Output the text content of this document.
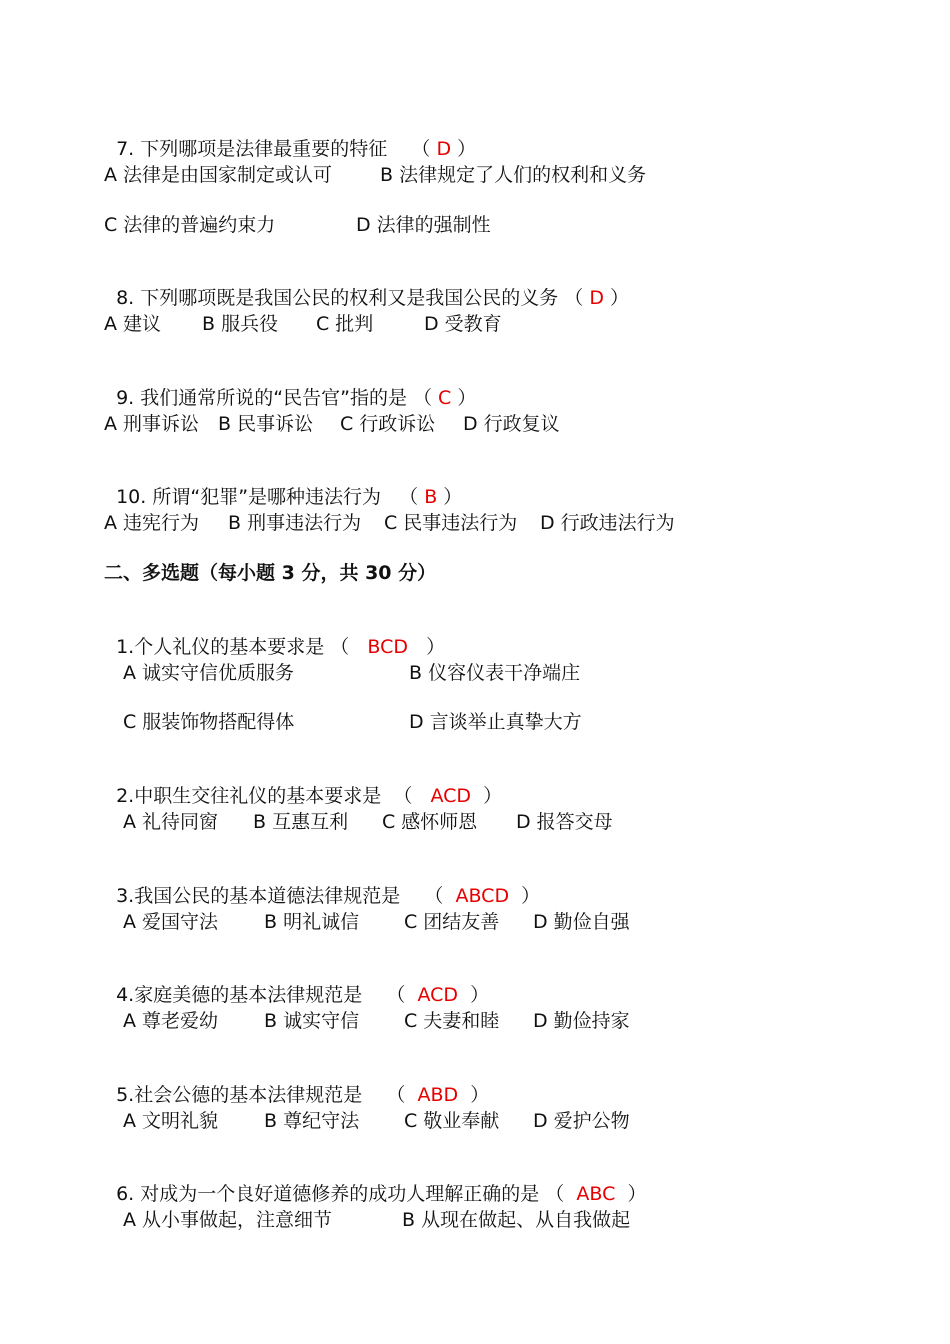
7. 下列哪项是法律最重要的特征    （ D ）

A 法律是由国家制定或认可	B 法律规定了人们的权利和义务
C 法律的普遍约束力	D 法律的强制性

8. 下列哪项既是我国公民的权利又是我国公民的义务 （ D ）

A 建议 B 服兵役 C 批判	D 受教育

9. 我们通常所说的“民告官”指的是 （ C ）

A 刑事诉讼 B 民事诉讼 C 行政诉讼 D 行政复议

10. 所谓“犯罪”是哪种违法行为   （ B ）

A 违宪行为 B 刑事违法行为 C 民事违法行为 D 行政违法行为
二、多选题（每小题 3 分，共 30 分）

1.个人礼仪的基本要求是 （   BCD   ）

A 诚实守信优质服务	B 仪容仪表干净端庄
C 服装饰物搭配得体	D 言谈举止真挚大方

2.中职生交往礼仪的基本要求是  （   ACD  ）

A 礼待同窗 B 互惠互利 C 感怀师恩 D 报答交母

3.我国公民的基本道德法律规范是    （  ABCD  ）

A 爱国守法 B 明礼诚信 C 团结友善 D 勤俭自强

4.家庭美德的基本法律规范是    （  ACD  ）

A 尊老爱幼 B 诚实守信 C 夫妻和睦 D 勤俭持家

5.社会公德的基本法律规范是    （  ABD  ）

A 文明礼貌 B 尊纪守法 C 敬业奉献 D 爱护公物

6. 对成为一个良好道德修养的成功人理解正确的是 （  ABC  ）

A 从小事做起，注意细节	B 从现在做起、从自我做起
